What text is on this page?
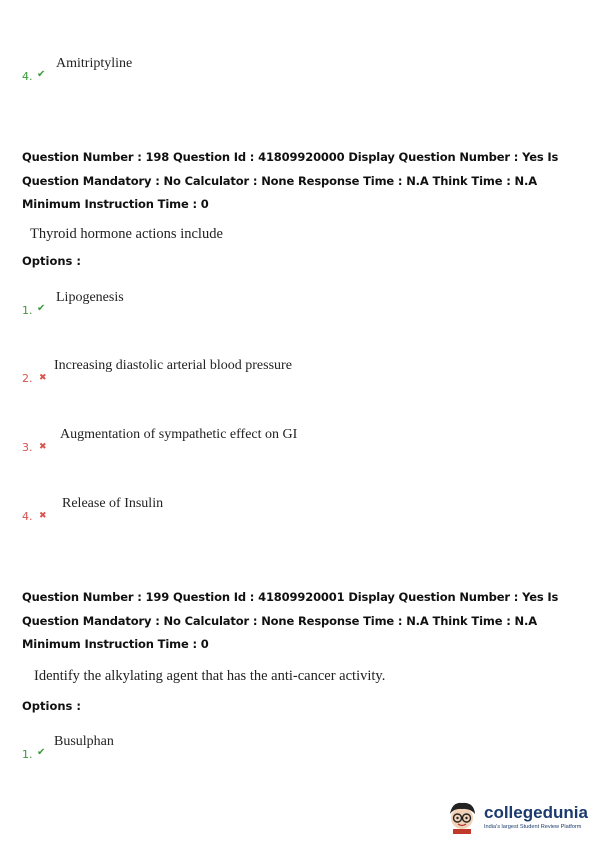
4. ✔
Amitriptyline
Question Number : 198 Question Id : 41809920000 Display Question Number : Yes Is Question Mandatory : No Calculator : None Response Time : N.A Think Time : N.A Minimum Instruction Time : 0
Thyroid hormone actions include
Options :
1. ✔
Lipogenesis
2. ✖
Increasing diastolic arterial blood pressure
3. ✖
Augmentation of sympathetic effect on GI
4. ✖
Release of Insulin
Question Number : 199 Question Id : 41809920001 Display Question Number : Yes Is Question Mandatory : No Calculator : None Response Time : N.A Think Time : N.A Minimum Instruction Time : 0
Identify the alkylating agent that has the anti-cancer activity.
Options :
1. ✔
Busulphan
collegedunia
India's largest Student Review Platform
